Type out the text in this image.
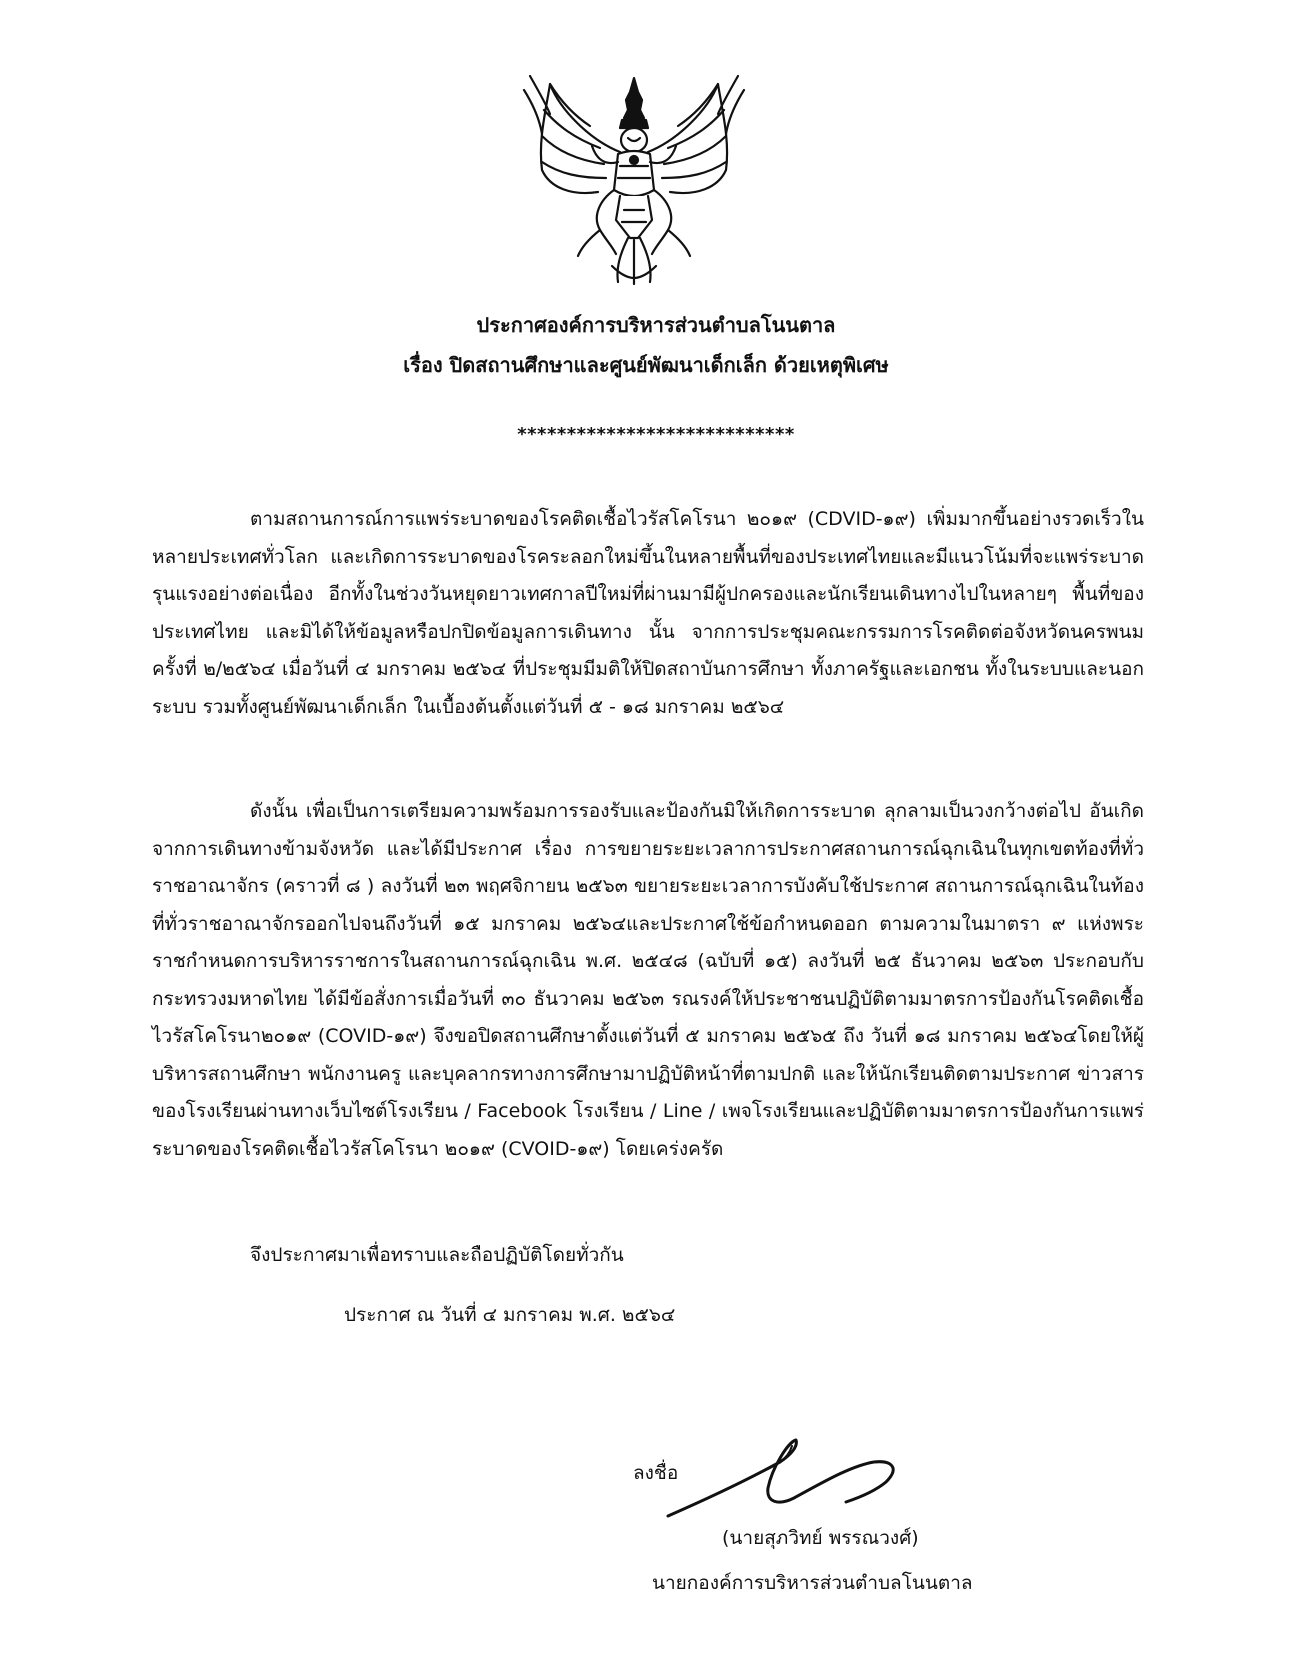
ประกาศองค์การบริหารส่วนตำบลโนนตาล
เรื่อง ปิดสถานศึกษาและศูนย์พัฒนาเด็กเล็ก ด้วยเหตุพิเศษ
****************************

ตามสถานการณ์การแพร่ระบาดของโรคติดเชื้อไวรัสโคโรนา ๒๐๑๙ (CDVID-๑๙) เพิ่มมากขึ้นอย่างรวดเร็วในหลายประเทศทั่วโลก และเกิดการระบาดของโรคระลอกใหม่ขึ้นในหลายพื้นที่ของประเทศไทยและมีแนวโน้มที่จะแพร่ระบาดรุนแรงอย่างต่อเนื่อง อีกทั้งในช่วงวันหยุดยาวเทศกาลปีใหม่ที่ผ่านมามีผู้ปกครองและนักเรียนเดินทางไปในหลายๆ พื้นที่ของประเทศไทย และมิได้ให้ข้อมูลหรือปกปิดข้อมูลการเดินทาง นั้น จากการประชุมคณะกรรมการโรคติดต่อจังหวัดนครพนม ครั้งที่ ๒/๒๕๖๔ เมื่อวันที่ ๔ มกราคม ๒๕๖๔ ที่ประชุมมีมติให้ปิดสถาบันการศึกษา ทั้งภาครัฐและเอกชน ทั้งในระบบและนอกระบบ รวมทั้งศูนย์พัฒนาเด็กเล็ก ในเบื้องต้นตั้งแต่วันที่ ๕ - ๑๘ มกราคม ๒๕๖๔

ดังนั้น เพื่อเป็นการเตรียมความพร้อมการรองรับและป้องกันมิให้เกิดการระบาด ลุกลามเป็นวงกว้างต่อไป อันเกิดจากการเดินทางข้ามจังหวัด และได้มีประกาศ เรื่อง การขยายระยะเวลาการประกาศสถานการณ์ฉุกเฉินในทุกเขตท้องที่ทั่วราชอาณาจักร (คราวที่ ๘ ) ลงวันที่ ๒๓ พฤศจิกายน ๒๕๖๓ ขยายระยะเวลาการบังคับใช้ประกาศ สถานการณ์ฉุกเฉินในท้องที่ทั่วราชอาณาจักรออกไปจนถึงวันที่ ๑๕ มกราคม ๒๕๖๔และประกาศใช้ข้อกำหนดออก ตามความในมาตรา ๙ แห่งพระราชกำหนดการบริหารราชการในสถานการณ์ฉุกเฉิน พ.ศ. ๒๕๔๘ (ฉบับที่ ๑๕) ลงวันที่ ๒๕ ธันวาคม ๒๕๖๓ ประกอบกับกระทรวงมหาดไทย ได้มีข้อสั่งการเมื่อวันที่ ๓๐ ธันวาคม ๒๕๖๓ รณรงค์ให้ประชาชนปฏิบัติตามมาตรการป้องกันโรคติดเชื้อไวรัสโคโรนา๒๐๑๙ (COVID-๑๙) จึงขอปิดสถานศึกษาตั้งแต่วันที่ ๕ มกราคม ๒๕๖๕ ถึง วันที่ ๑๘ มกราคม ๒๕๖๔โดยให้ผู้บริหารสถานศึกษา พนักงานครู และบุคลากรทางการศึกษามาปฏิบัติหน้าที่ตามปกติ และให้นักเรียนติดตามประกาศ ข่าวสารของโรงเรียนผ่านทางเว็บไซต์โรงเรียน / Facebook โรงเรียน / Line / เพจโรงเรียนและปฏิบัติตามมาตรการป้องกันการแพร่ระบาดของโรคติดเชื้อไวรัสโคโรนา ๒๐๑๙ (CVOID-๑๙) โดยเคร่งครัด

จึงประกาศมาเพื่อทราบและถือปฏิบัติโดยทั่วกัน
ประกาศ ณ วันที่ ๔ มกราคม พ.ศ. ๒๕๖๔
ลงชื่อ
(นายสุภวิทย์ พรรณวงศ์)
นายกองค์การบริหารส่วนตำบลโนนตาล
